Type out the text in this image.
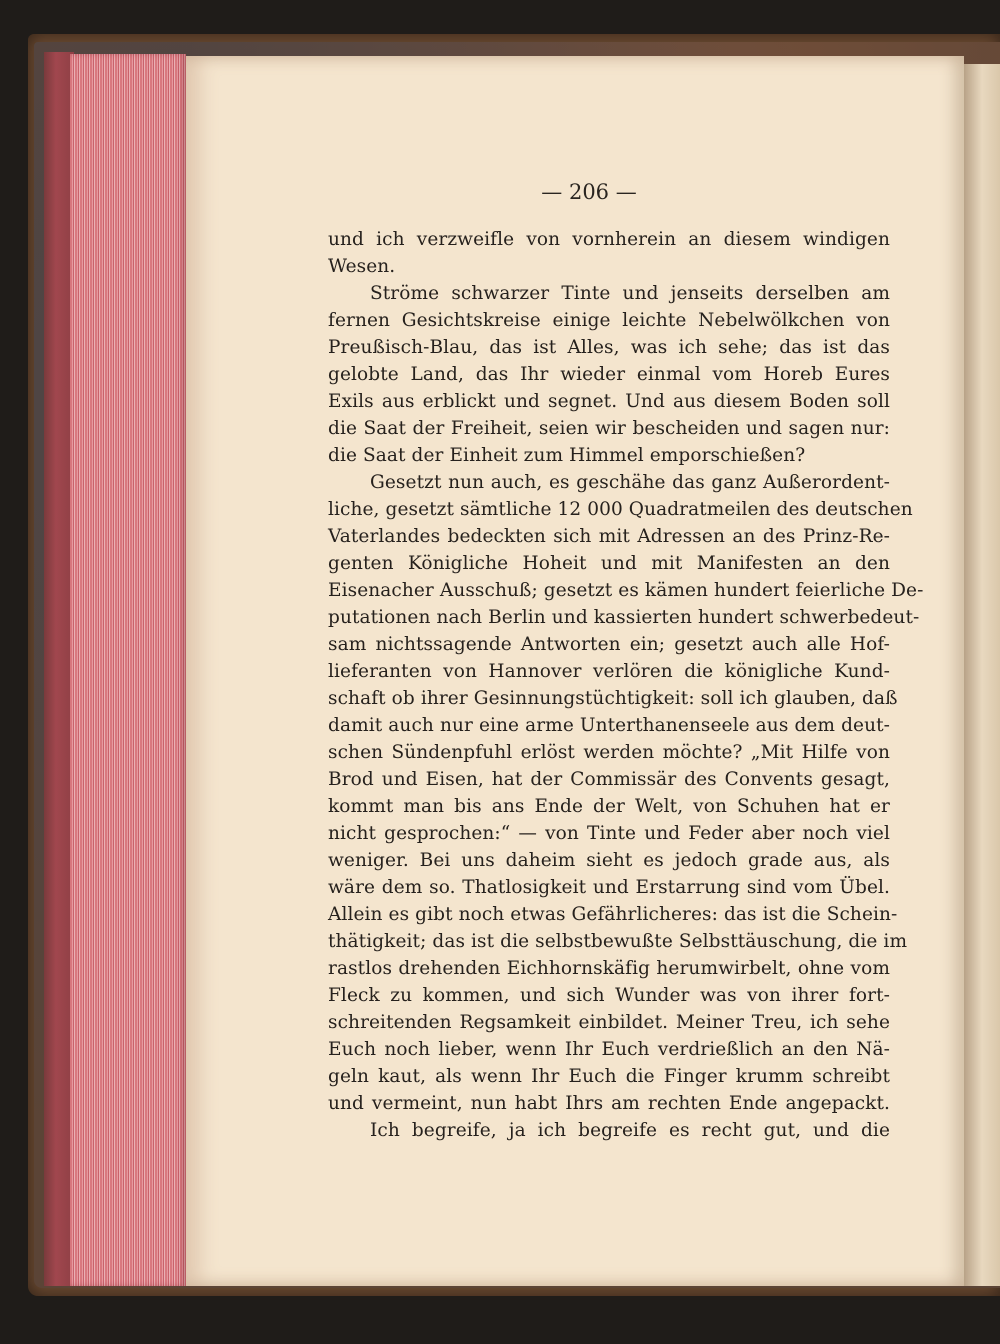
— 206 —
und ich verzweifle von vornherein an diesem windigen
Wesen.
Ströme schwarzer Tinte und jenseits derselben am
fernen Gesichtskreise einige leichte Nebelwölkchen von
Preußisch-Blau, das ist Alles, was ich sehe; das ist das
gelobte Land, das Ihr wieder einmal vom Horeb Eures
Exils aus erblickt und segnet. Und aus diesem Boden soll
die Saat der Freiheit, seien wir bescheiden und sagen nur:
die Saat der Einheit zum Himmel emporschießen?
Gesetzt nun auch, es geschähe das ganz Außerordent-
liche, gesetzt sämtliche 12 000 Quadratmeilen des deutschen
Vaterlandes bedeckten sich mit Adressen an des Prinz-Re-
genten Königliche Hoheit und mit Manifesten an den
Eisenacher Ausschuß; gesetzt es kämen hundert feierliche De-
putationen nach Berlin und kassierten hundert schwerbedeut-
sam nichtssagende Antworten ein; gesetzt auch alle Hof-
lieferanten von Hannover verlören die königliche Kund-
schaft ob ihrer Gesinnungstüchtigkeit: soll ich glauben, daß
damit auch nur eine arme Unterthanenseele aus dem deut-
schen Sündenpfuhl erlöst werden möchte? „Mit Hilfe von
Brod und Eisen, hat der Commissär des Convents gesagt,
kommt man bis ans Ende der Welt, von Schuhen hat er
nicht gesprochen:“ — von Tinte und Feder aber noch viel
weniger. Bei uns daheim sieht es jedoch grade aus, als
wäre dem so. Thatlosigkeit und Erstarrung sind vom Übel.
Allein es gibt noch etwas Gefährlicheres: das ist die Schein-
thätigkeit; das ist die selbstbewußte Selbsttäuschung, die im
rastlos drehenden Eichhornskäfig herumwirbelt, ohne vom
Fleck zu kommen, und sich Wunder was von ihrer fort-
schreitenden Regsamkeit einbildet. Meiner Treu, ich sehe
Euch noch lieber, wenn Ihr Euch verdrießlich an den Nä-
geln kaut, als wenn Ihr Euch die Finger krumm schreibt
und vermeint, nun habt Ihrs am rechten Ende angepackt.
Ich begreife, ja ich begreife es recht gut, und die
